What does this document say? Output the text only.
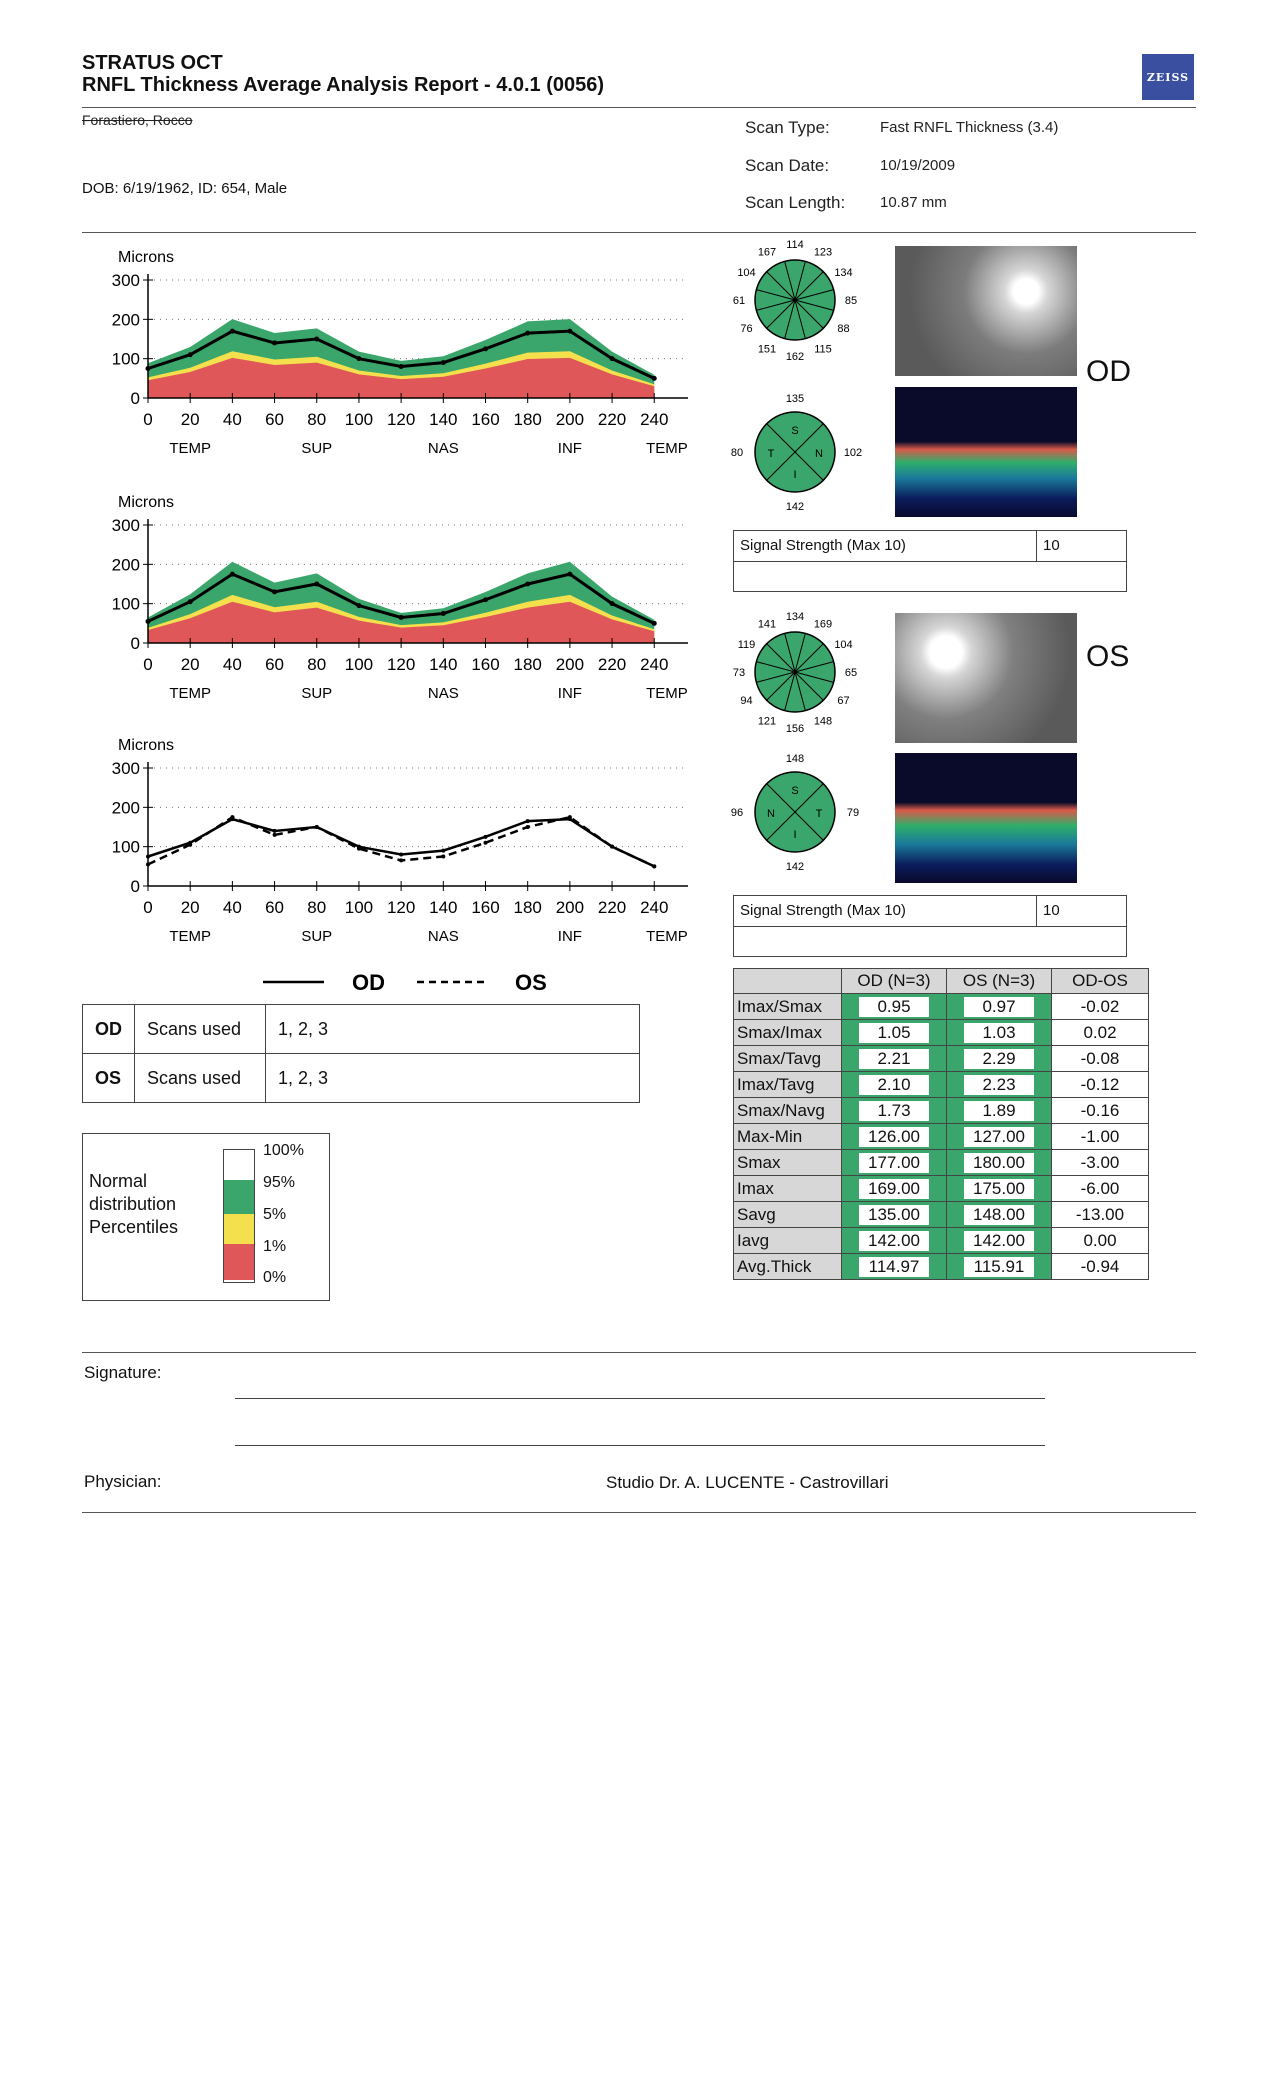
STRATUS OCT
RNFL Thickness Average Analysis Report - 4.0.1 (0056)	ZEISS
Forastiero, Rocco
DOB: 6/19/1962, ID: 654, Male
Scan Type:	Fast RNFL Thickness (3.4)
Scan Date:	10/19/2009
Scan Length: 10.87 mm
Microns
300
200
100
0
0 20 40 60 80 100 120 140 160 180 200 220 240
TEMP	SUP	NAS	INF	TEMP
Microns
300
200
100
0
0 20 40 60 80 100 120 140 160 180 200 220 240
TEMP	SUP	NAS	INF	TEMP
Microns
300
200
100
0
0 20 40 60 80 100 120 140 160 180 200 220 240
TEMP	SUP	NAS	INF	TEMP
OD	OS
114
123
134
85
88
115
162
151
76
61
104
167
135
S
142
I
80 T	102
N
OD
Signal Strength (Max 10)	10
134
169
104
65
67
148
156
121
94
73
119
141
148
S
142
I
96 N	79
T
OS
Signal Strength (Max 10)	10
OD	Scans used	1, 2, 3
OS	Scans used	1, 2, 3
Normal distribution Percentiles
100%
95%
5%
1%
0%
	OD (N=3)	OS (N=3)	OD-OS
Imax/Smax	0.95	0.97	-0.02
Smax/Imax	1.05	1.03	0.02
Smax/Tavg	2.21	2.29	-0.08
Imax/Tavg	2.10	2.23	-0.12
Smax/Navg	1.73	1.89	-0.16
Max-Min	126.00	127.00	-1.00
Smax	177.00	180.00	-3.00
Imax	169.00	175.00	-6.00
Savg	135.00	148.00	-13.00
Iavg	142.00	142.00	0.00
Avg.Thick	114.97	115.91	-0.94
Signature:
Physician:	Studio Dr. A. LUCENTE - Castrovillari
